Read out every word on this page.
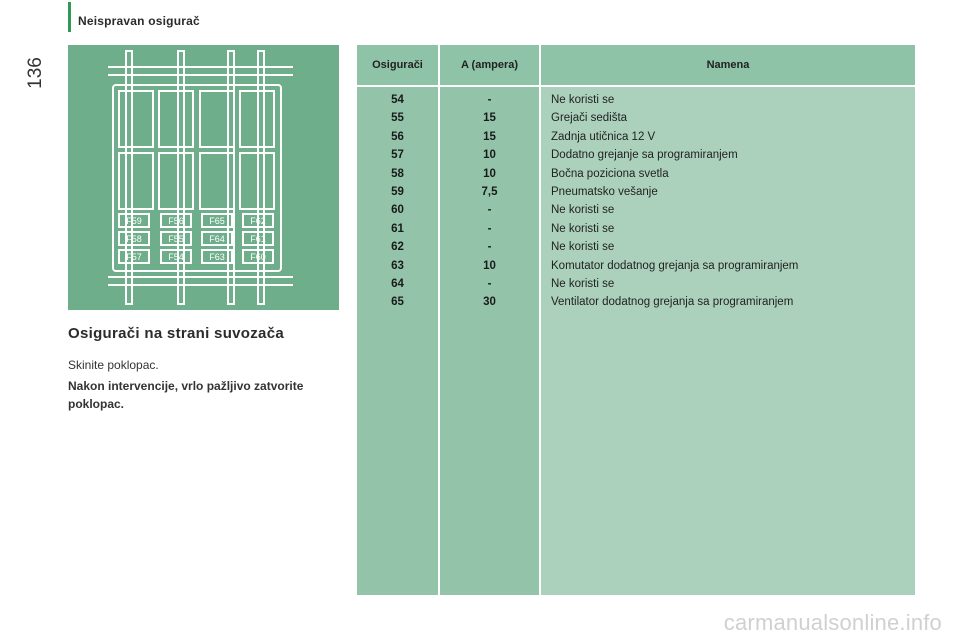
Neispravan osigurač
136
F59	F56	F65	F62
F58	F55	F64	F61
F57	F54	F63	F60
Osigurači na strani suvozača
Skinite poklopac.
Nakon intervencije, vrlo pažljivo zatvorite poklopac.
Osigurači	A (ampera)	Namena
54	-	Ne koristi se
55	15	Grejači sedišta
56	15	Zadnja utičnica 12 V
57	10	Dodatno grejanje sa programiranjem
58	10	Bočna poziciona svetla
59	7,5	Pneumatsko vešanje
60	-	Ne koristi se
61	-	Ne koristi se
62	-	Ne koristi se
63	10	Komutator dodatnog grejanja sa programiranjem
64	-	Ne koristi se
65	30	Ventilator dodatnog grejanja sa programiranjem
carmanualsonline.info
